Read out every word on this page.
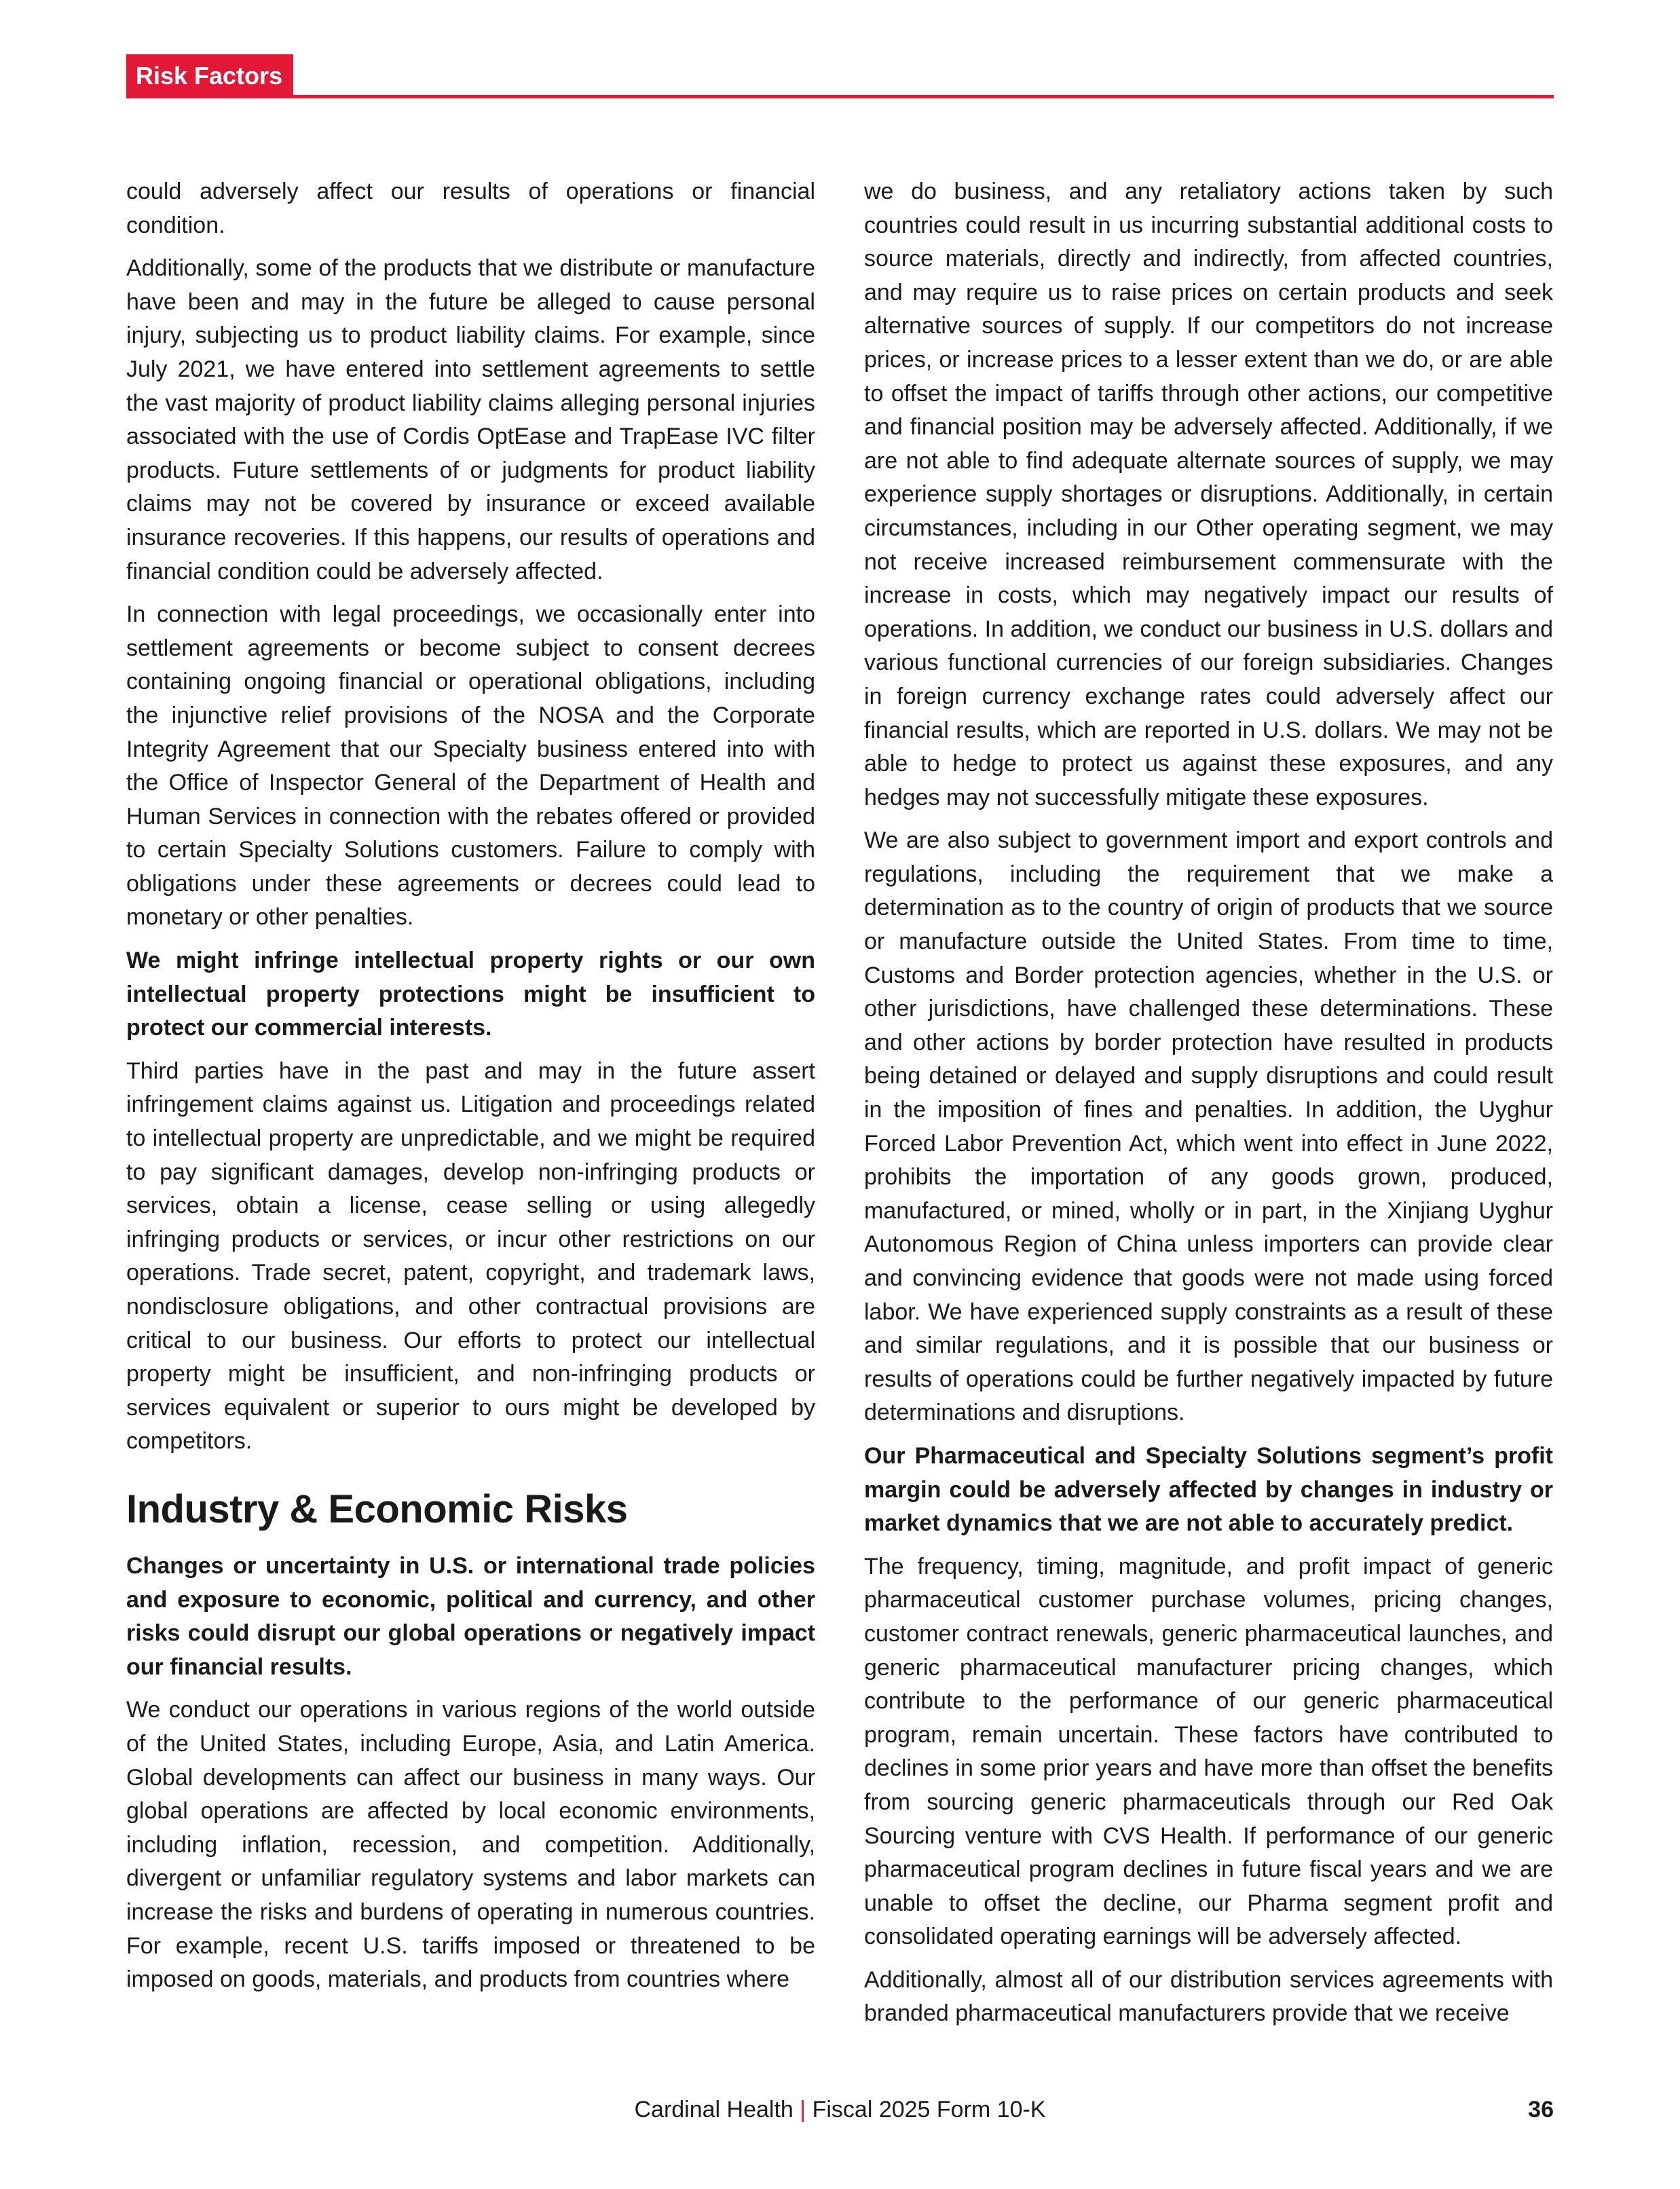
Risk Factors

could adversely affect our results of operations or financial condition.

Additionally, some of the products that we distribute or manufacture have been and may in the future be alleged to cause personal injury, subjecting us to product liability claims. For example, since July 2021, we have entered into settlement agreements to settle the vast majority of product liability claims alleging personal injuries associated with the use of Cordis OptEase and TrapEase IVC filter products. Future settlements of or judgments for product liability claims may not be covered by insurance or exceed available insurance recoveries. If this happens, our results of operations and financial condition could be adversely affected.

In connection with legal proceedings, we occasionally enter into settlement agreements or become subject to consent decrees containing ongoing financial or operational obligations, including the injunctive relief provisions of the NOSA and the Corporate Integrity Agreement that our Specialty business entered into with the Office of Inspector General of the Department of Health and Human Services in connection with the rebates offered or provided to certain Specialty Solutions customers. Failure to comply with obligations under these agreements or decrees could lead to monetary or other penalties.

We might infringe intellectual property rights or our own intellectual property protections might be insufficient to protect our commercial interests.

Third parties have in the past and may in the future assert infringement claims against us. Litigation and proceedings related to intellectual property are unpredictable, and we might be required to pay significant damages, develop non-infringing products or services, obtain a license, cease selling or using allegedly infringing products or services, or incur other restrictions on our operations. Trade secret, patent, copyright, and trademark laws, nondisclosure obligations, and other contractual provisions are critical to our business. Our efforts to protect our intellectual property might be insufficient, and non-infringing products or services equivalent or superior to ours might be developed by competitors.

Industry & Economic Risks
Changes or uncertainty in U.S. or international trade policies and exposure to economic, political and currency, and other risks could disrupt our global operations or negatively impact our financial results.

We conduct our operations in various regions of the world outside of the United States, including Europe, Asia, and Latin America. Global developments can affect our business in many ways. Our global operations are affected by local economic environments, including inflation, recession, and competition. Additionally, divergent or unfamiliar regulatory systems and labor markets can increase the risks and burdens of operating in numerous countries. For example, recent U.S. tariffs imposed or threatened to be imposed on goods, materials, and products from countries where

we do business, and any retaliatory actions taken by such countries could result in us incurring substantial additional costs to source materials, directly and indirectly, from affected countries, and may require us to raise prices on certain products and seek alternative sources of supply. If our competitors do not increase prices, or increase prices to a lesser extent than we do, or are able to offset the impact of tariffs through other actions, our competitive and financial position may be adversely affected. Additionally, if we are not able to find adequate alternate sources of supply, we may experience supply shortages or disruptions. Additionally, in certain circumstances, including in our Other operating segment, we may not receive increased reimbursement commensurate with the increase in costs, which may negatively impact our results of operations. In addition, we conduct our business in U.S. dollars and various functional currencies of our foreign subsidiaries. Changes in foreign currency exchange rates could adversely affect our financial results, which are reported in U.S. dollars. We may not be able to hedge to protect us against these exposures, and any hedges may not successfully mitigate these exposures.

We are also subject to government import and export controls and regulations, including the requirement that we make a determination as to the country of origin of products that we source or manufacture outside the United States. From time to time, Customs and Border protection agencies, whether in the U.S. or other jurisdictions, have challenged these determinations. These and other actions by border protection have resulted in products being detained or delayed and supply disruptions and could result in the imposition of fines and penalties. In addition, the Uyghur Forced Labor Prevention Act, which went into effect in June 2022, prohibits the importation of any goods grown, produced, manufactured, or mined, wholly or in part, in the Xinjiang Uyghur Autonomous Region of China unless importers can provide clear and convincing evidence that goods were not made using forced labor. We have experienced supply constraints as a result of these and similar regulations, and it is possible that our business or results of operations could be further negatively impacted by future determinations and disruptions.

Our Pharmaceutical and Specialty Solutions segment’s profit margin could be adversely affected by changes in industry or market dynamics that we are not able to accurately predict.

The frequency, timing, magnitude, and profit impact of generic pharmaceutical customer purchase volumes, pricing changes, customer contract renewals, generic pharmaceutical launches, and generic pharmaceutical manufacturer pricing changes, which contribute to the performance of our generic pharmaceutical program, remain uncertain. These factors have contributed to declines in some prior years and have more than offset the benefits from sourcing generic pharmaceuticals through our Red Oak Sourcing venture with CVS Health. If performance of our generic pharmaceutical program declines in future fiscal years and we are unable to offset the decline, our Pharma segment profit and consolidated operating earnings will be adversely affected.

Additionally, almost all of our distribution services agreements with branded pharmaceutical manufacturers provide that we receive

Cardinal Health | Fiscal 2025 Form 10-K	36
